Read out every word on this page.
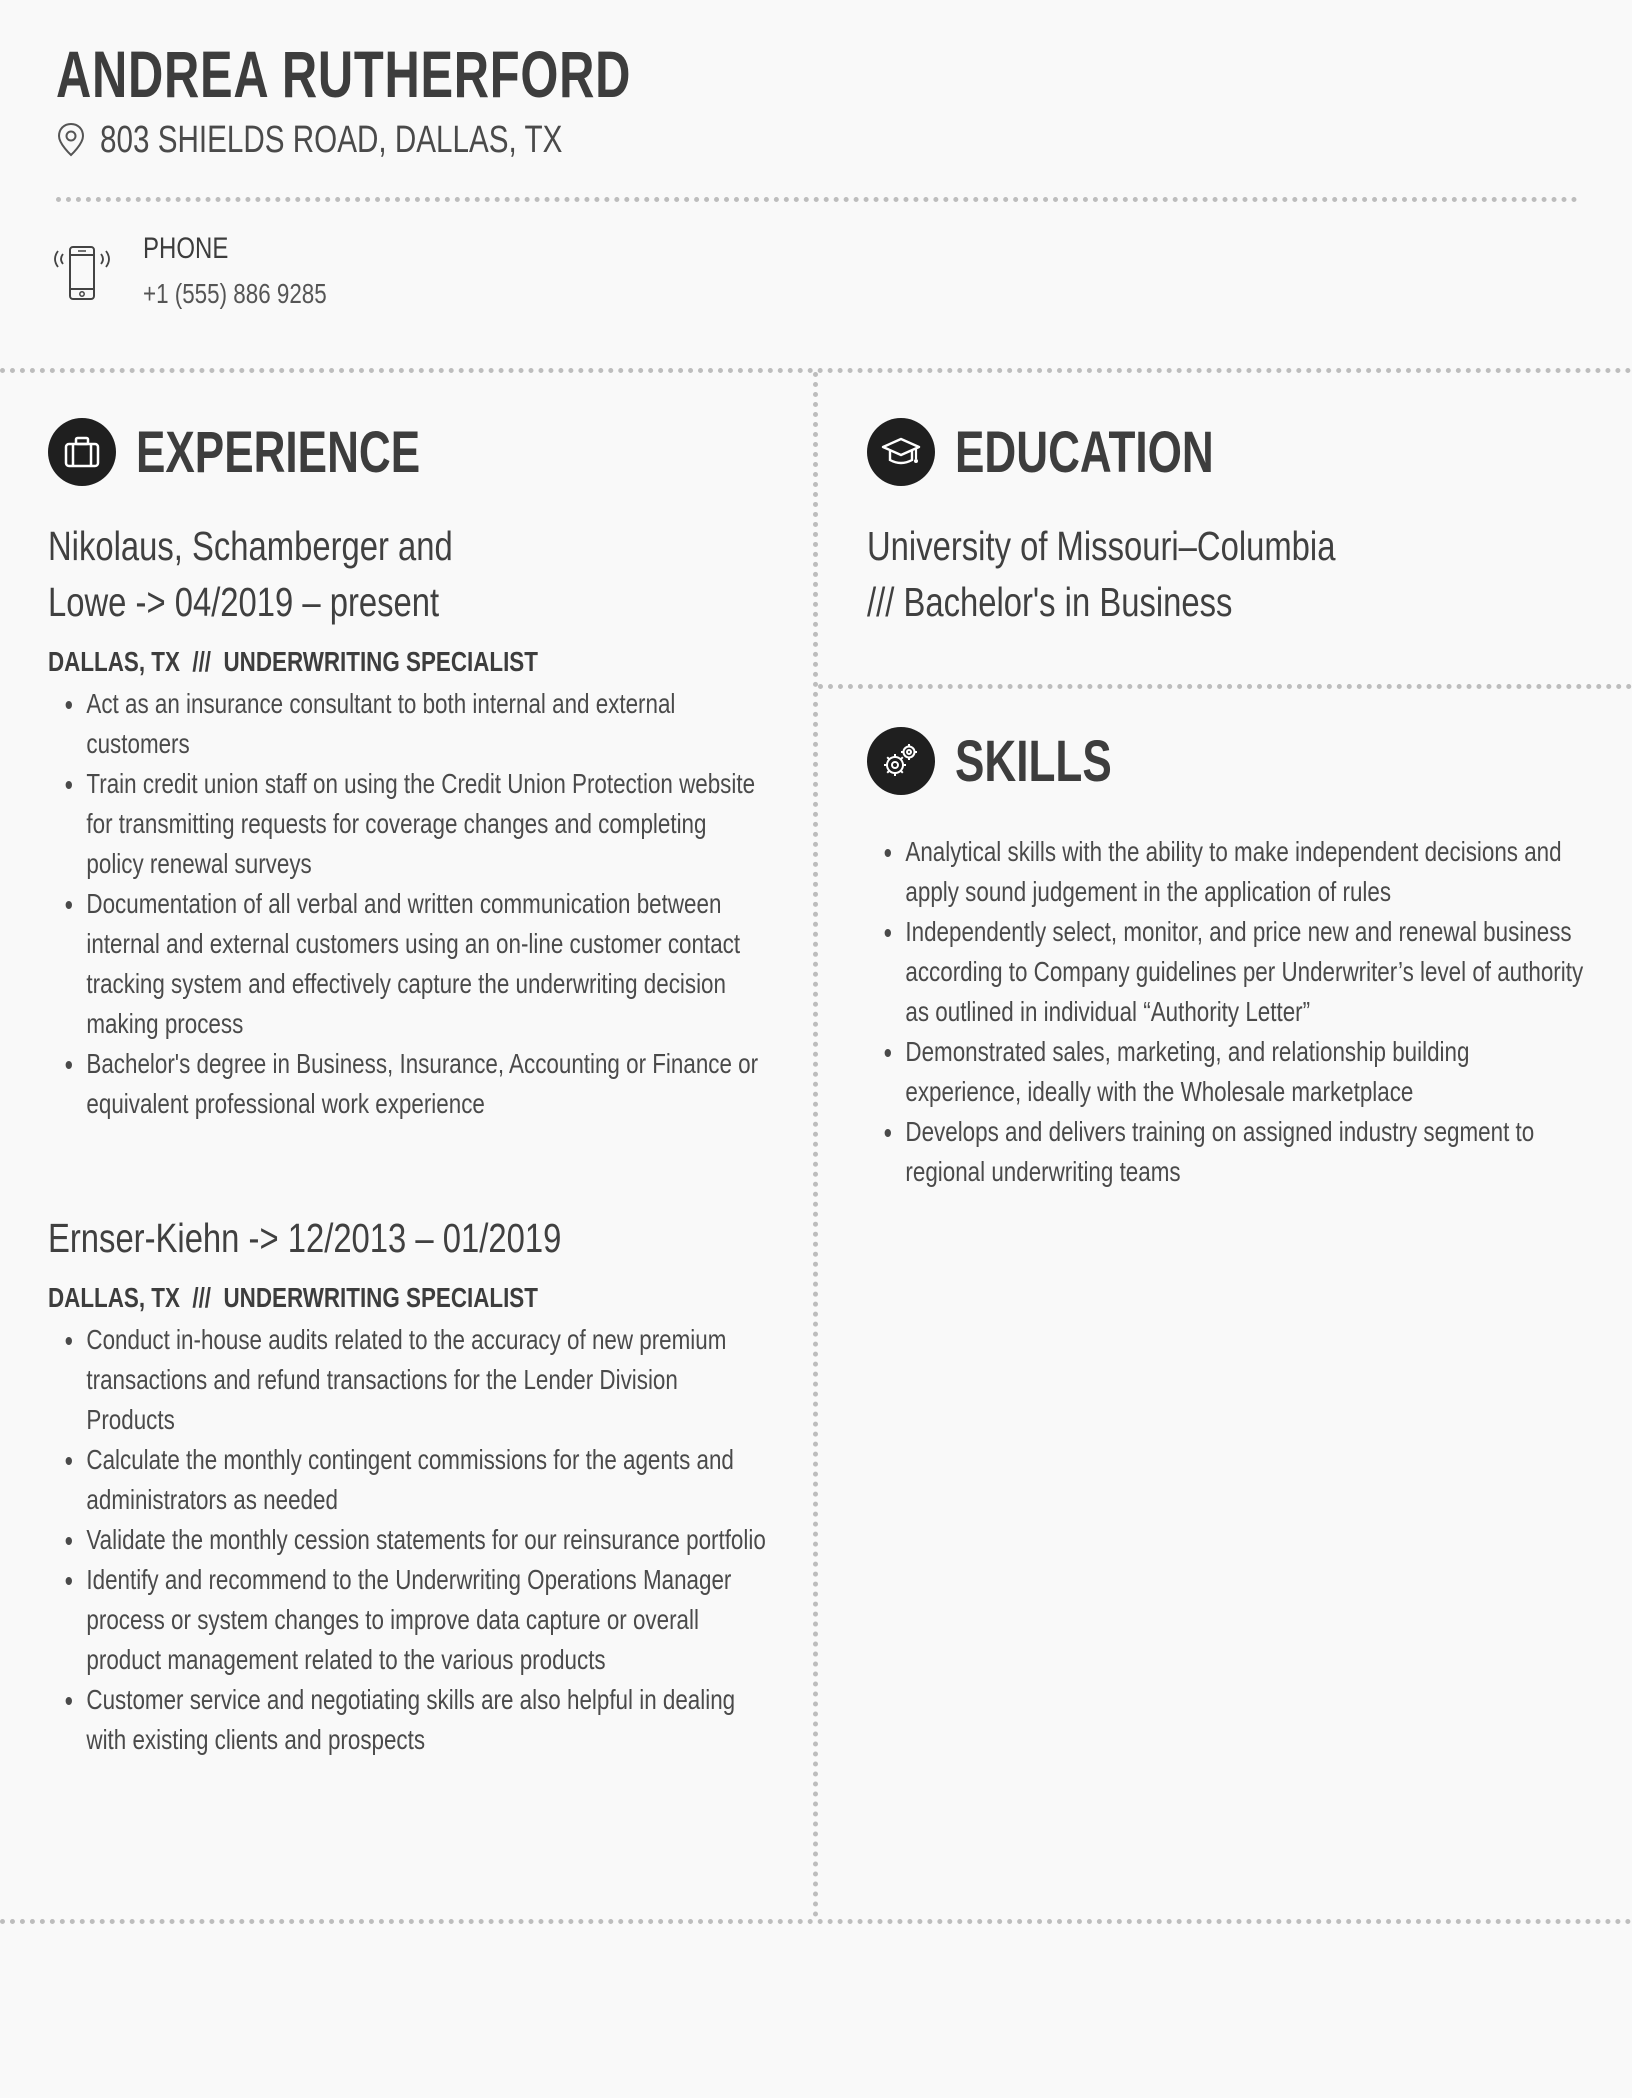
ANDREA RUTHERFORD
803 SHIELDS ROAD, DALLAS, TX
PHONE
+1 (555) 886 9285
EXPERIENCE

Nikolaus, Schamberger and Lowe -> 04/2019 – present

DALLAS, TX /// UNDERWRITING SPECIALIST
Act as an insurance consultant to both internal and external customers
Train credit union staff on using the Credit Union Protection website for transmitting requests for coverage changes and completing policy renewal surveys
Documentation of all verbal and written communication between internal and external customers using an on-line customer contact tracking system and effectively capture the underwriting decision making process
Bachelor's degree in Business, Insurance, Accounting or Finance or equivalent professional work experience

Ernser-Kiehn -> 12/2013 – 01/2019

DALLAS, TX /// UNDERWRITING SPECIALIST
Conduct in-house audits related to the accuracy of new premium transactions and refund transactions for the Lender Division Products
Calculate the monthly contingent commissions for the agents and administrators as needed
Validate the monthly cession statements for our reinsurance portfolio
Identify and recommend to the Underwriting Operations Manager process or system changes to improve data capture or overall product management related to the various products
Customer service and negotiating skills are also helpful in dealing with existing clients and prospects
EDUCATION

University of Missouri–Columbia /// Bachelor's in Business

SKILLS
Analytical skills with the ability to make independent decisions and apply sound judgement in the application of rules
Independently select, monitor, and price new and renewal business according to Company guidelines per Underwriter’s level of authority as outlined in individual “Authority Letter”
Demonstrated sales, marketing, and relationship building experience, ideally with the Wholesale marketplace
Develops and delivers training on assigned industry segment to regional underwriting teams
